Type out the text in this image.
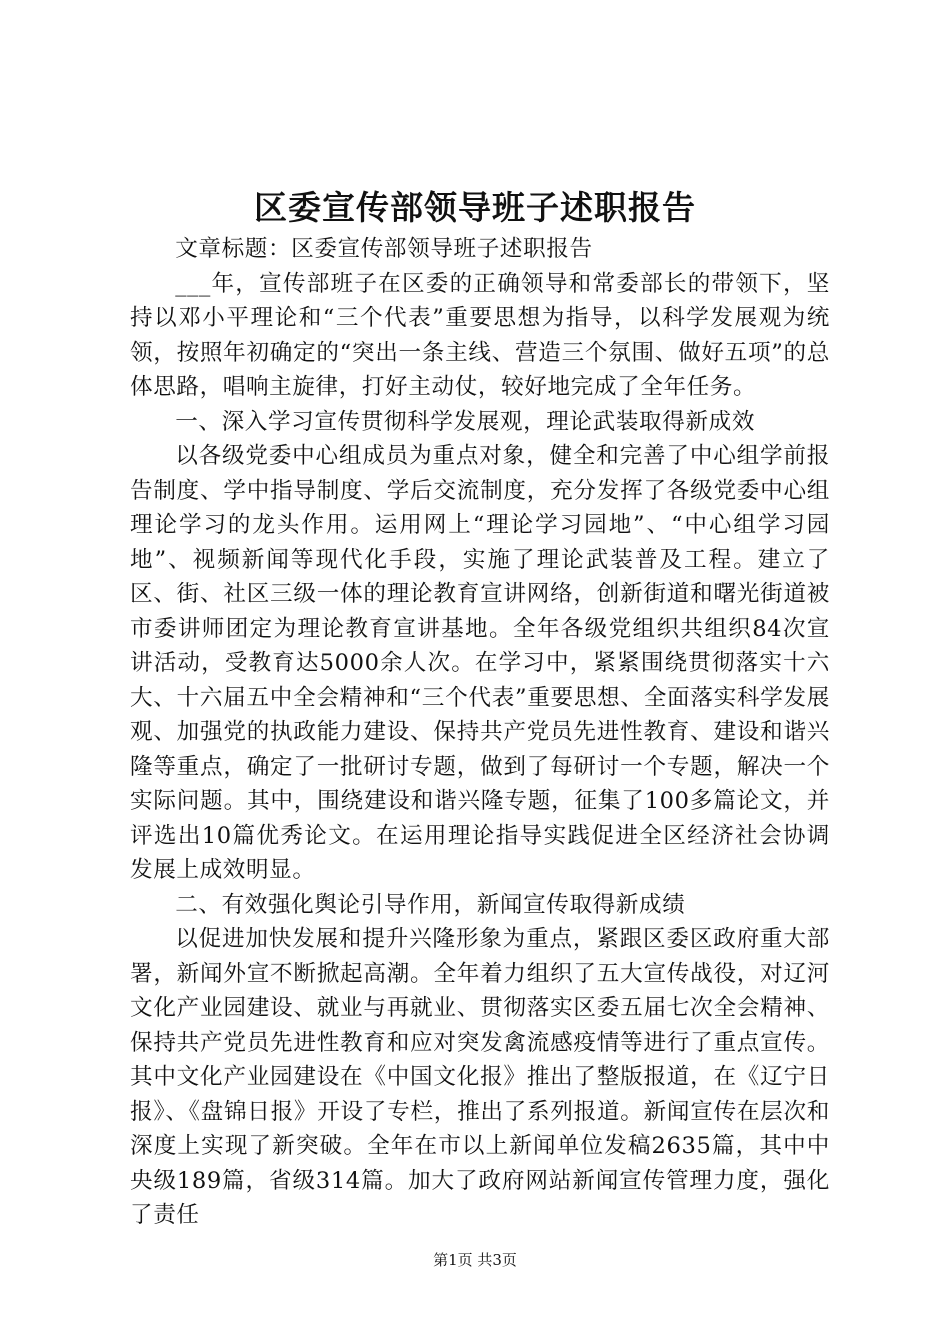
区委宣传部领导班子述职报告

文章标题：区委宣传部领导班子述职报告

___年，宣传部班子在区委的正确领导和常委部长的带领下，坚持以邓小平理论和“三个代表”重要思想为指导，以科学发展观为统领，按照年初确定的“突出一条主线、营造三个氛围、做好五项”的总体思路，唱响主旋律，打好主动仗，较好地完成了全年任务。

一、深入学习宣传贯彻科学发展观，理论武装取得新成效

以各级党委中心组成员为重点对象，健全和完善了中心组学前报告制度、学中指导制度、学后交流制度，充分发挥了各级党委中心组理论学习的龙头作用。运用网上“理论学习园地”、“中心组学习园地”、视频新闻等现代化手段，实施了理论武装普及工程。建立了区、街、社区三级一体的理论教育宣讲网络，创新街道和曙光街道被市委讲师团定为理论教育宣讲基地。全年各级党组织共组织84次宣讲活动，受教育达5000余人次。在学习中，紧紧围绕贯彻落实十六大、十六届五中全会精神和“三个代表”重要思想、全面落实科学发展观、加强党的执政能力建设、保持共产党员先进性教育、建设和谐兴隆等重点，确定了一批研讨专题，做到了每研讨一个专题，解决一个实际问题。其中，围绕建设和谐兴隆专题，征集了100多篇论文，并评选出10篇优秀论文。在运用理论指导实践促进全区经济社会协调发展上成效明显。

二、有效强化舆论引导作用，新闻宣传取得新成绩

以促进加快发展和提升兴隆形象为重点，紧跟区委区政府重大部署，新闻外宣不断掀起高潮。全年着力组织了五大宣传战役，对辽河文化产业园建设、就业与再就业、贯彻落实区委五届七次全会精神、保持共产党员先进性教育和应对突发禽流感疫情等进行了重点宣传。其中文化产业园建设在《中国文化报》推出了整版报道，在《辽宁日报》、《盘锦日报》开设了专栏，推出了系列报道。新闻宣传在层次和深度上实现了新突破。全年在市以上新闻单位发稿2635篇，其中中央级189篇，省级314篇。加大了政府网站新闻宣传管理力度，强化了责任

第1页 共3页
